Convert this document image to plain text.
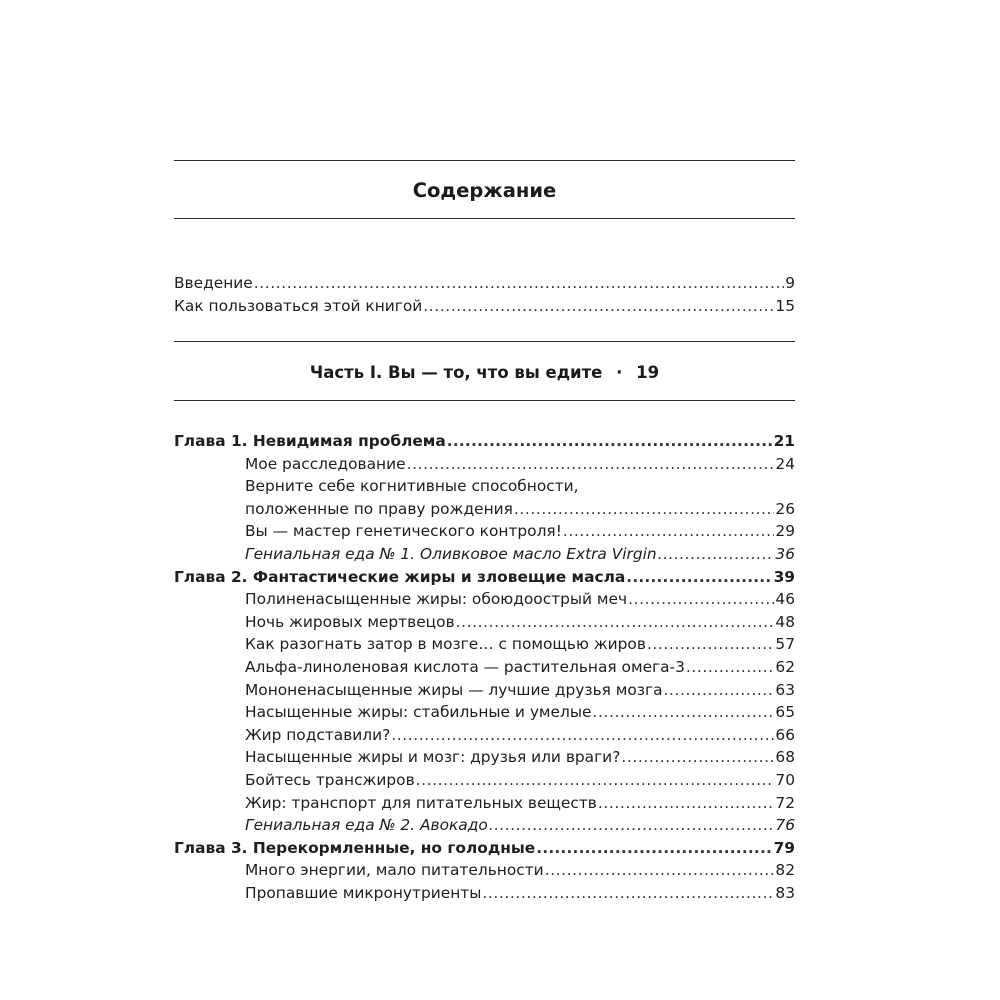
Содержание
Введение .....	9
Как пользоваться этой книгой .....	15
Часть I. Вы — то, что вы едите · 19
Глава 1. Невидимая проблема .....	21
Мое расследование .....	24
Верните себе когнитивные способности,
положенные по праву рождения .....	26
Вы — мастер генетического контроля! .....	29
Гениальная еда № 1. Оливковое масло Extra Virgin .....	36
Глава 2. Фантастические жиры и зловещие масла .....	39
Полиненасыщенные жиры: обоюдоострый меч .....	46
Ночь жировых мертвецов .....	48
Как разогнать затор в мозге… с помощью жиров .....	57
Альфа-линоленовая кислота — растительная омега-3 .....	62
Мононенасыщенные жиры — лучшие друзья мозга .....	63
Насыщенные жиры: стабильные и умелые .....	65
Жир подставили? .....	66
Насыщенные жиры и мозг: друзья или враги? .....	68
Бойтесь трансжиров .....	70
Жир: транспорт для питательных веществ .....	72
Гениальная еда № 2. Авокадо .....	76
Глава 3. Перекормленные, но голодные .....	79
Много энергии, мало питательности .....	82
Пропавшие микронутриенты .....	83
